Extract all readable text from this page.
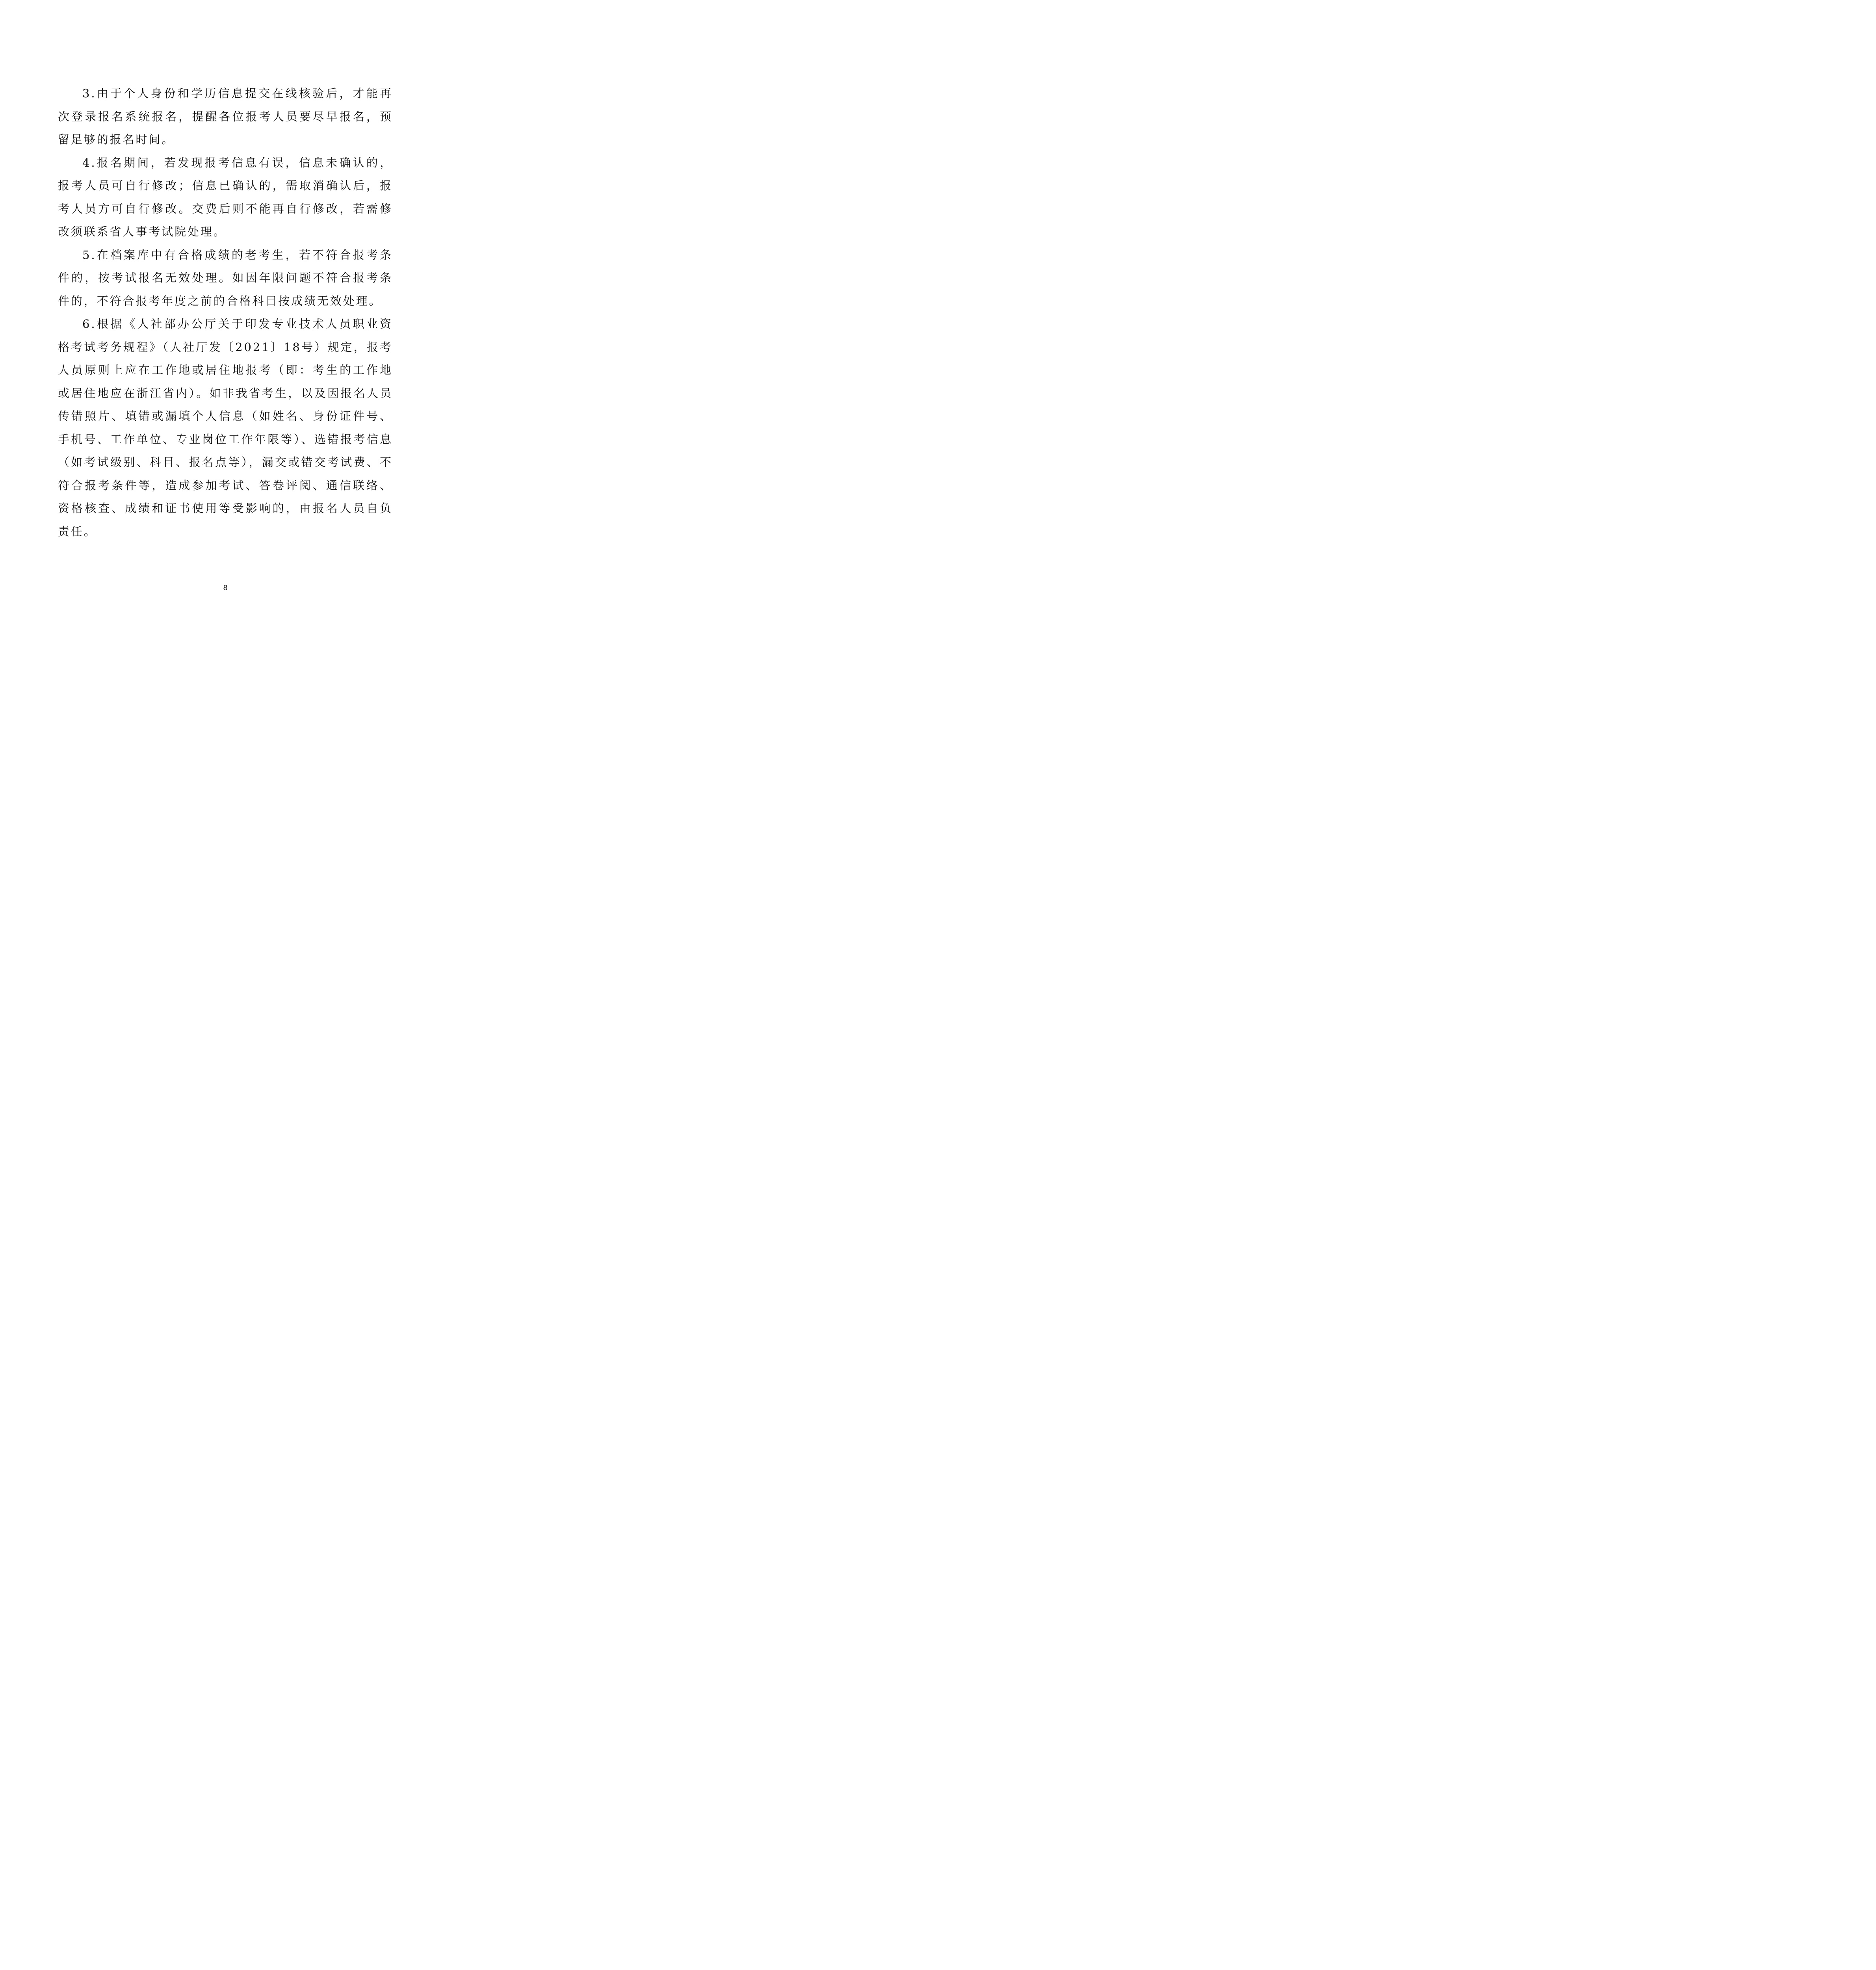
3.由于个人身份和学历信息提交在线核验后，才能再次登录报名系统报名，提醒各位报考人员要尽早报名，预留足够的报名时间。

4.报名期间，若发现报考信息有误，信息未确认的，报考人员可自行修改；信息已确认的，需取消确认后，报考人员方可自行修改。交费后则不能再自行修改，若需修改须联系省人事考试院处理。

5.在档案库中有合格成绩的老考生，若不符合报考条件的，按考试报名无效处理。如因年限问题不符合报考条件的，不符合报考年度之前的合格科目按成绩无效处理。

6.根据《人社部办公厅关于印发专业技术人员职业资格考试考务规程》（人社厅发〔2021〕18号）规定，报考人员原则上应在工作地或居住地报考（即：考生的工作地或居住地应在浙江省内）。如非我省考生，以及因报名人员传错照片、填错或漏填个人信息（如姓名、身份证件号、手机号、工作单位、专业岗位工作年限等）、选错报考信息（如考试级别、科目、报名点等），漏交或错交考试费、不符合报考条件等，造成参加考试、答卷评阅、通信联络、资格核查、成绩和证书使用等受影响的，由报名人员自负责任。

8
